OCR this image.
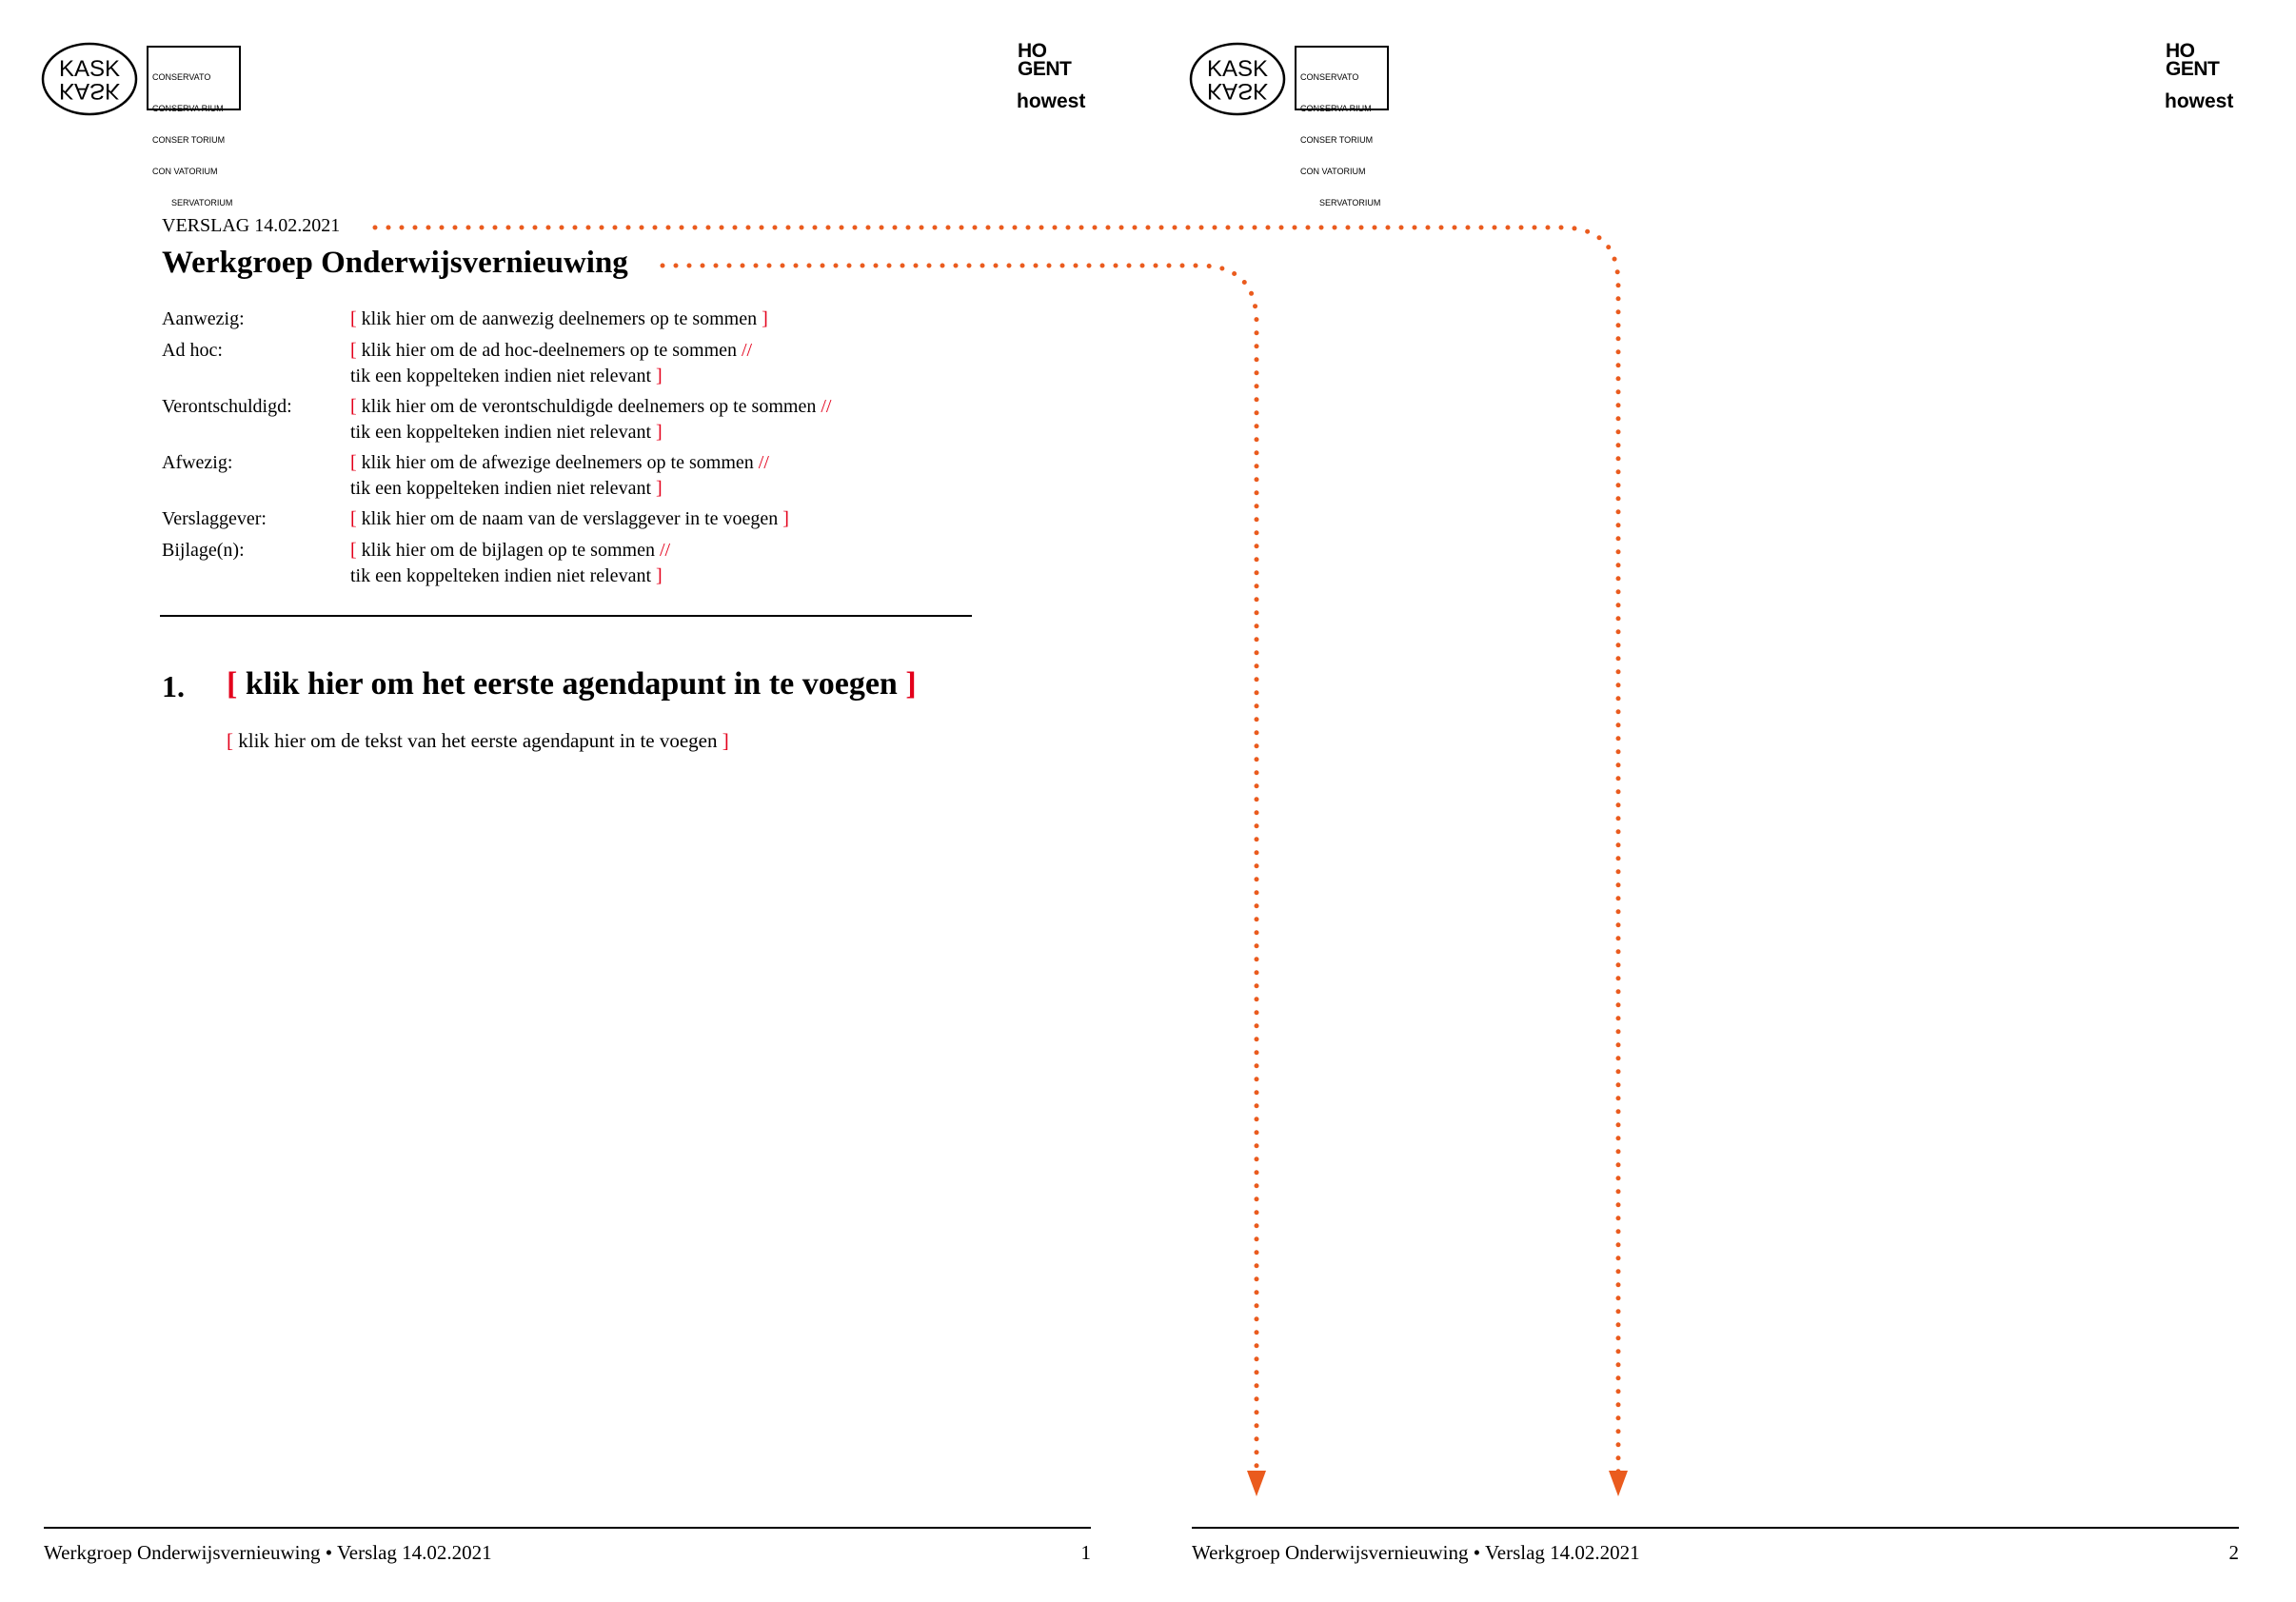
KASK
KASK

CONSERVATO

CONSERVA RIUM

CONSER TORIUM

CON VATORIUM

SERVATORIUM

HO
GENT
howest
VERSLAG 14.02.2021
Werkgroep Onderwijsvernieuwing
Aanwezig:	[ klik hier om de aanwezig deelnemers op te sommen ]
Ad hoc:	[ klik hier om de ad hoc-deelnemers op te sommen //
tik een koppelteken indien niet relevant ]
Verontschuldigd:	[ klik hier om de verontschuldigde deelnemers op te sommen //
tik een koppelteken indien niet relevant ]
Afwezig:	[ klik hier om de afwezige deelnemers op te sommen //
tik een koppelteken indien niet relevant ]
Verslaggever:	[ klik hier om de naam van de verslaggever in te voegen ]
Bijlage(n):	[ klik hier om de bijlagen op te sommen //
tik een koppelteken indien niet relevant ]
1. [ klik hier om het eerste agendapunt in te voegen ]
[ klik hier om de tekst van het eerste agendapunt in te voegen ]
Werkgroep Onderwijsvernieuwing • Verslag 14.02.2021	1
KASK
KASK

CONSERVATO

CONSERVA RIUM

CONSER TORIUM

CON VATORIUM

SERVATORIUM

HO
GENT
howest
Werkgroep Onderwijsvernieuwing • Verslag 14.02.2021	2
